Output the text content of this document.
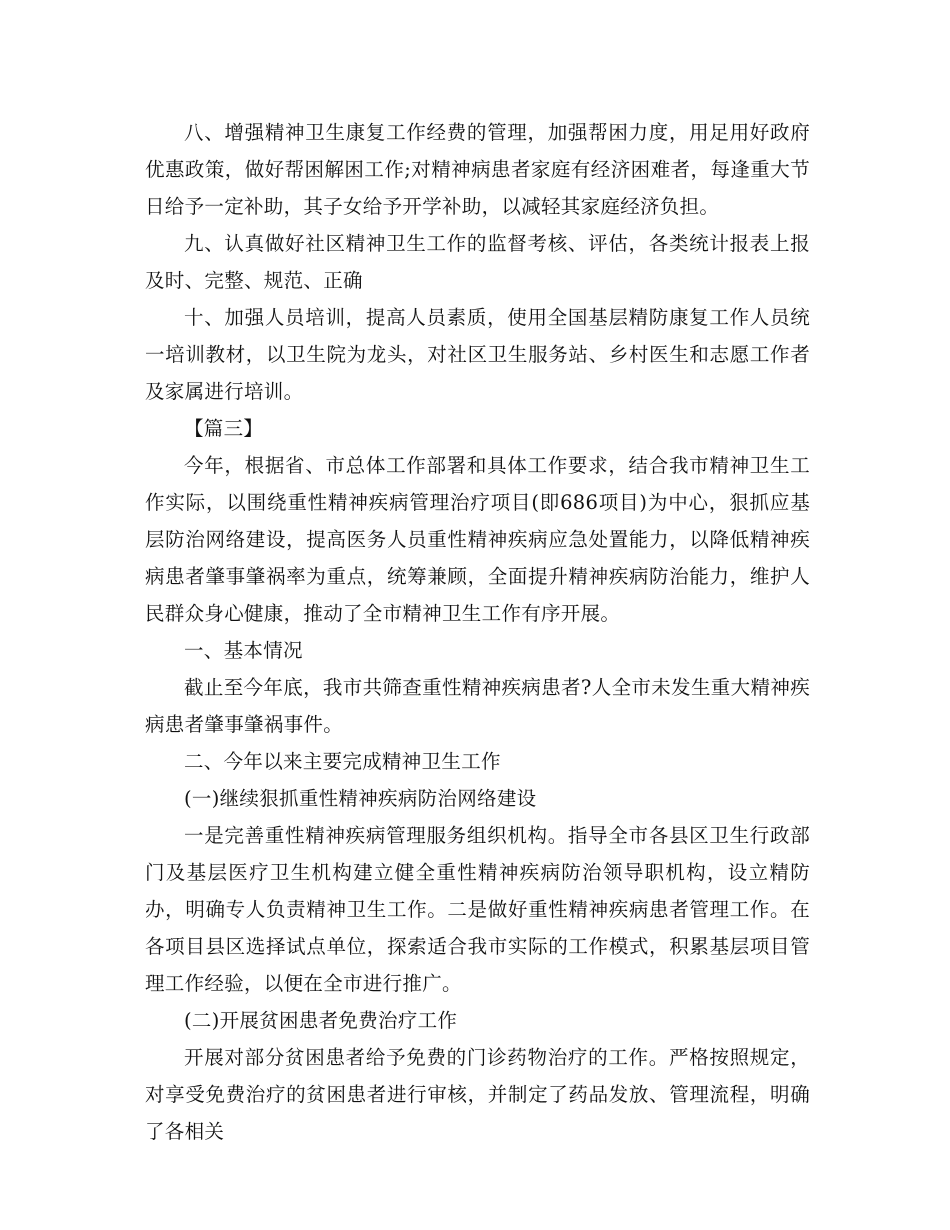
八、增强精神卫生康复工作经费的管理，加强帮困力度，用足用好政府优惠政策，做好帮困解困工作;对精神病患者家庭有经济困难者，每逢重大节日给予一定补助，其子女给予开学补助，以减轻其家庭经济负担。

九、认真做好社区精神卫生工作的监督考核、评估，各类统计报表上报及时、完整、规范、正确

十、加强人员培训，提高人员素质，使用全国基层精防康复工作人员统一培训教材，以卫生院为龙头，对社区卫生服务站、乡村医生和志愿工作者及家属进行培训。

【篇三】

今年，根据省、市总体工作部署和具体工作要求，结合我市精神卫生工作实际，以围绕重性精神疾病管理治疗项目(即686项目)为中心，狠抓应基层防治网络建设，提高医务人员重性精神疾病应急处置能力，以降低精神疾病患者肇事肇祸率为重点，统筹兼顾，全面提升精神疾病防治能力，维护人民群众身心健康，推动了全市精神卫生工作有序开展。

一、基本情况

截止至今年底，我市共筛查重性精神疾病患者?人全市未发生重大精神疾病患者肇事肇祸事件。

二、今年以来主要完成精神卫生工作

(一)继续狠抓重性精神疾病防治网络建设

一是完善重性精神疾病管理服务组织机构。指导全市各县区卫生行政部门及基层医疗卫生机构建立健全重性精神疾病防治领导职机构，设立精防办，明确专人负责精神卫生工作。二是做好重性精神疾病患者管理工作。在各项目县区选择试点单位，探索适合我市实际的工作模式，积累基层项目管理工作经验，以便在全市进行推广。

(二)开展贫困患者免费治疗工作

开展对部分贫困患者给予免费的门诊药物治疗的工作。严格按照规定，对享受免费治疗的贫困患者进行审核，并制定了药品发放、管理流程，明确了各相关
